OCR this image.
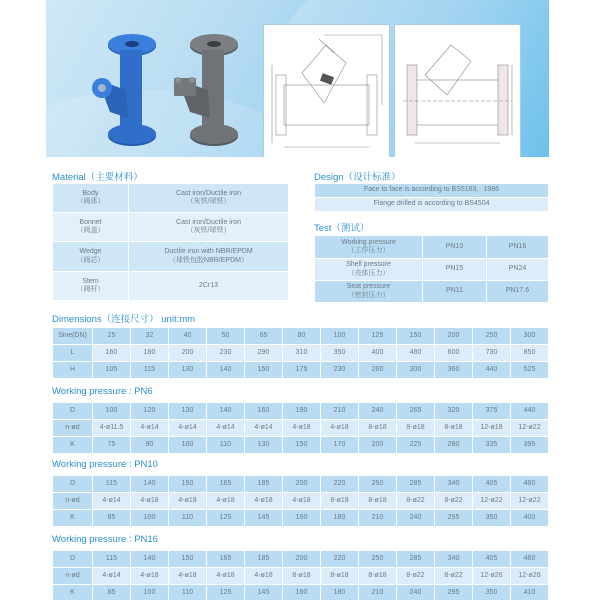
Material（主要材料）
Body
（阀体）	Cast iron/Ductile iron
（灰铁/球铁）
Bonnet
（阀盖）	Cast iron/Ductile iron
（灰铁/球铁）
Wedge
（阀芯）	Ductile iron with NBR/EPDM
（球铁包胶NBR/EPDM）
Stem
（阀杆）	2Cr13
Design（设计标准）
Face to face is according to BS5163，1986
Flange drilled is according to BS4504
Test（测试）
Working pressure
（工作压力）	PN10	PN16
Shell pressure
（壳体压力）	PN15	PN24
Seat pressure
（密封压力）	PN11	PN17.6
Dimensions（连接尺寸） unit:mm
Sine(DN)	25	32	40	50	65	80	100	125	150	200	250	300
L	160	180	200	230	290	310	350	400	480	600	730	850
H	105	115	130	140	150	175	230	260	300	360	440	525
Working pressure : PN6
D	100	120	130	140	160	190	210	240	265	320	375	440
n-ød	4-ø11.5	4-ø14	4-ø14	4-ø14	4-ø14	4-ø18	4-ø18	8-ø18	8-ø18	8-ø18	12-ø18	12-ø22
K	75	90	100	110	130	150	170	200	225	280	335	395
Working pressure : PN10
D	115	140	150	165	185	200	220	250	285	340	405	460
n-ød	4-ø14	4-ø18	4-ø18	4-ø18	4-ø18	4-ø18	8-ø18	8-ø18	8-ø22	8-ø22	12-ø22	12-ø22
K	85	100	110	125	145	160	180	210	240	295	350	400
Working pressure : PN16
D	115	140	150	165	185	200	220	250	285	340	405	460
n-ød	4-ø14	4-ø18	4-ø18	4-ø18	4-ø18	8-ø18	8-ø18	8-ø18	8-ø22	8-ø22	12-ø26	12-ø26
K	85	100	110	125	145	160	180	210	240	295	350	410
